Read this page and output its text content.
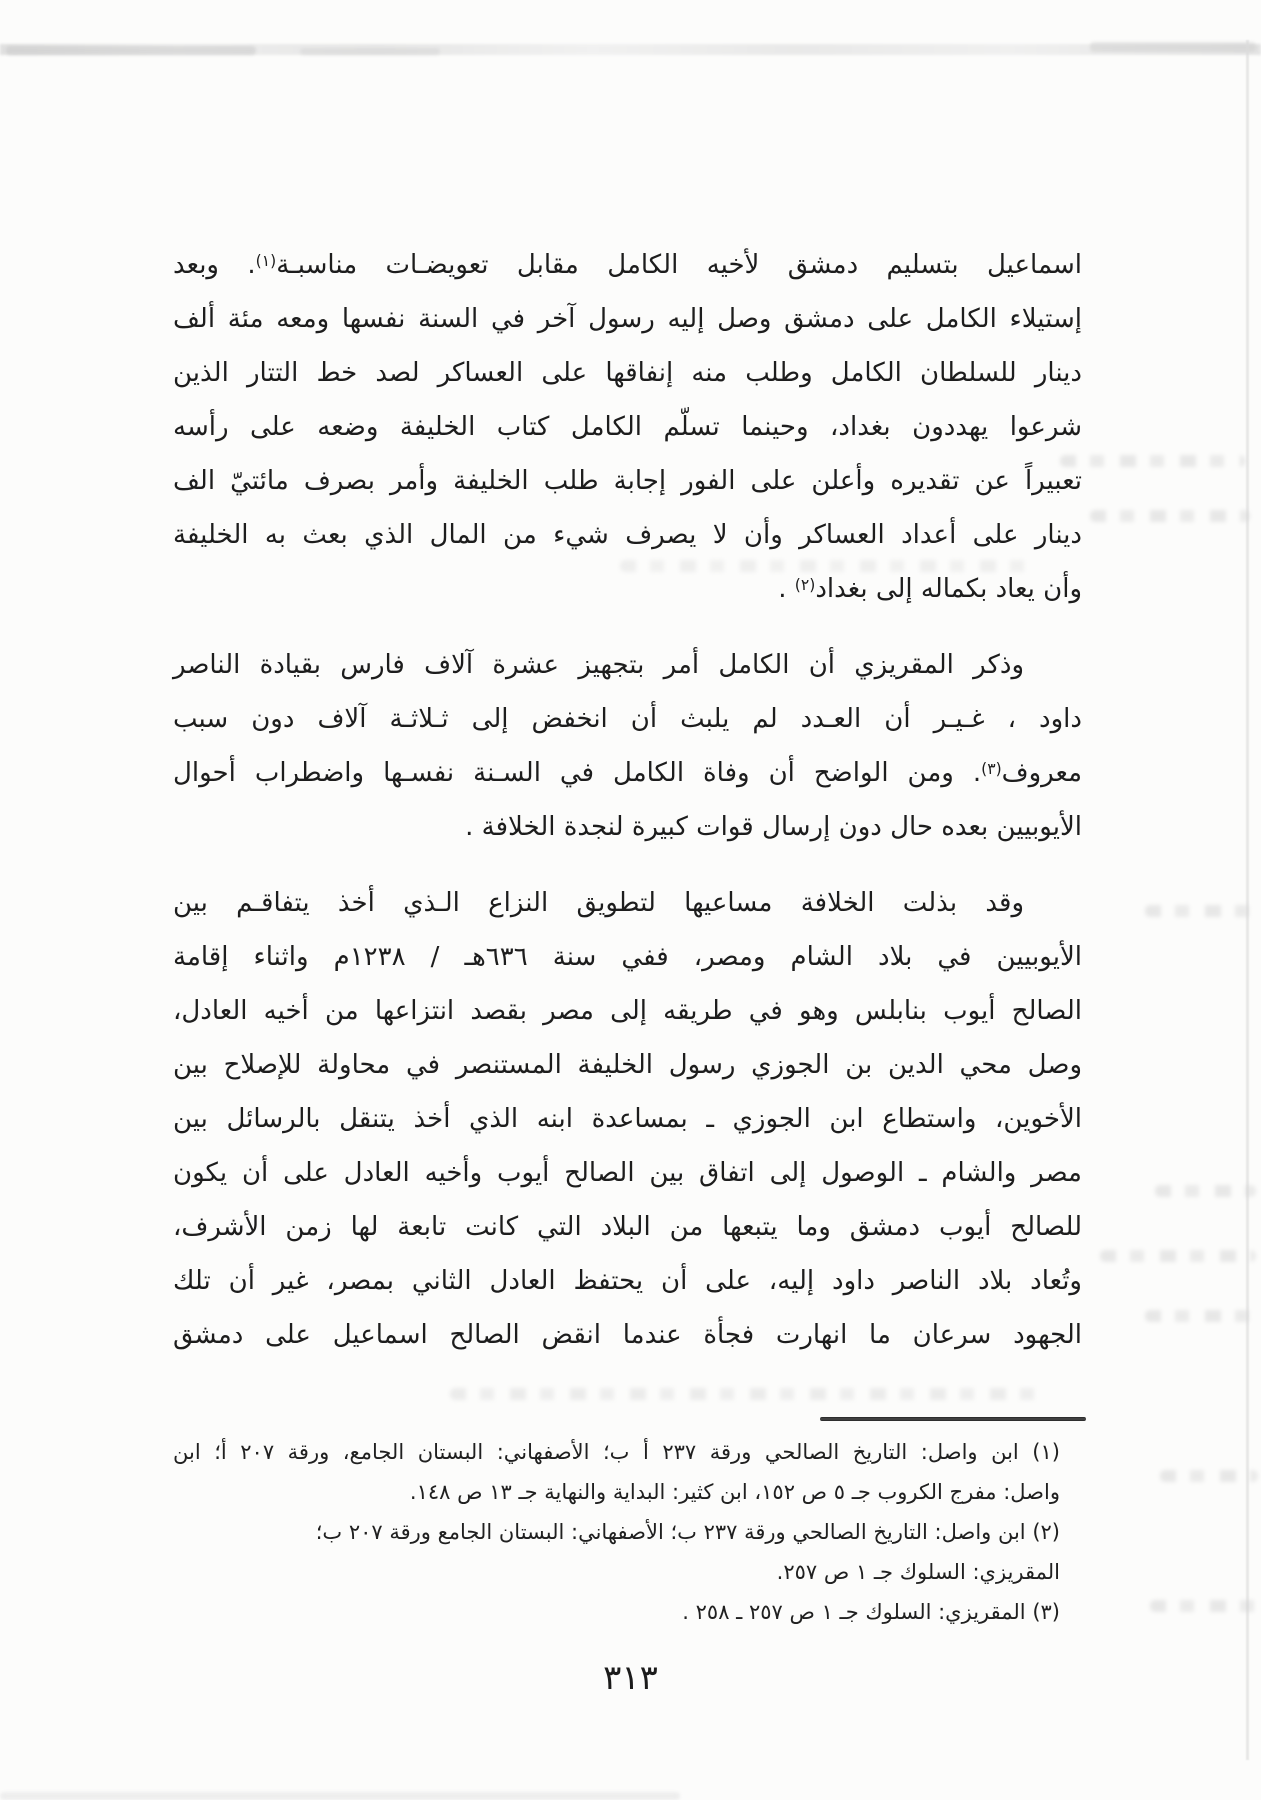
اسماعيل بتسليم دمشق لأخيه الكامل مقابل تعويضـات مناسبـة$^{(١)}$. وبعد
إستيلاء الكامل على دمشق وصل إليه رسول آخر في السنة نفسها ومعه مئة ألف
دينار للسلطان الكامل وطلب منه إنفاقها على العساكر لصد خط التتار الذين
شرعوا يهددون بغداد، وحينما تسلّم الكامل كتاب الخليفة وضعه على رأسه
تعبيراً عن تقديره وأعلن على الفور إجابة طلب الخليفة وأمر بصرف مائتيّ الف
دينار على أعداد العساكر وأن لا يصرف شيء من المال الذي بعث به الخليفة
وأن يعاد بكماله إلى بغداد$^{(٢)}$ .
وذكر المقريزي أن الكامل أمر بتجهيز عشرة آلاف فارس بقيادة الناصر
داود ، غـيـر أن العـدد لم يلبث أن انخفض إلى ثـلاثـة آلاف دون سبب
معروف$^{(٣)}$. ومن الواضح أن وفاة الكامل في السـنة نفسـها واضطراب أحوال
الأيوبيين بعده حال دون إرسال قوات كبيرة لنجدة الخلافة .
وقد بذلت الخلافة مساعيها لتطويق النزاع الـذي أخذ يتفاقـم بين
الأيوبيين في بلاد الشام ومصر، ففي سنة ٦٣٦هـ / ١٢٣٨م واثناء إقامة
الصالح أيوب بنابلس وهو في طريقه إلى مصر بقصد انتزاعها من أخيه العادل،
وصل محي الدين بن الجوزي رسول الخليفة المستنصر في محاولة للإصلاح بين
الأخوين، واستطاع ابن الجوزي ـ بمساعدة ابنه الذي أخذ يتنقل بالرسائل بين
مصر والشام ـ الوصول إلى اتفاق بين الصالح أيوب وأخيه العادل على أن يكون
للصالح أيوب دمشق وما يتبعها من البلاد التي كانت تابعة لها زمن الأشرف،
وتُعاد بلاد الناصر داود إليه، على أن يحتفظ العادل الثاني بمصر، غير أن تلك
الجهود سرعان ما انهارت فجأة عندما انقض الصالح اسماعيل على دمشق
(١) ابن واصل: التاريخ الصالحي ورقة ٢٣٧ أ ب؛ الأصفهاني: البستان الجامع، ورقة ٢٠٧ أ؛ ابن
واصل: مفرج الكروب جـ ٥ ص ١٥٢، ابن كثير: البداية والنهاية جـ ١٣ ص ١٤٨.
(٢) ابن واصل: التاريخ الصالحي ورقة ٢٣٧ ب؛ الأصفهاني: البستان الجامع ورقة ٢٠٧ ب؛
المقريزي: السلوك جـ ١ ص ٢٥٧.
(٣) المقريزي: السلوك جـ ١ ص ٢٥٧ ـ ٢٥٨ .
٣١٣
